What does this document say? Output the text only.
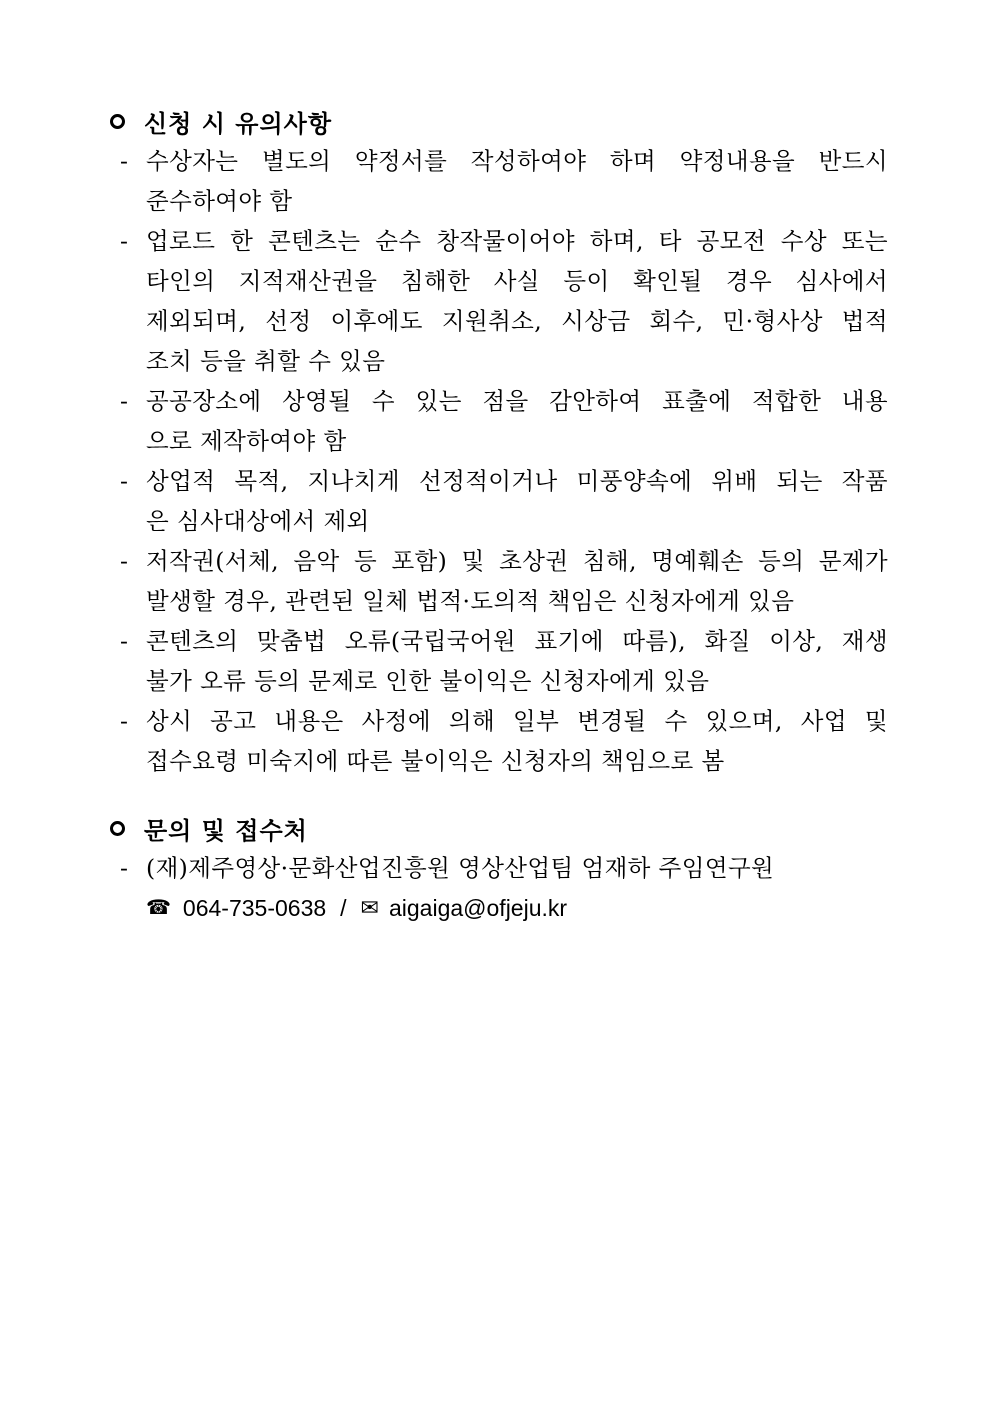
신청 시 유의사항
- 수상자는 별도의 약정서를 작성하여야 하며 약정내용을 반드시
준수하여야 함
- 업로드 한 콘텐츠는 순수 창작물이어야 하며, 타 공모전 수상 또는
타인의 지적재산권을 침해한 사실 등이 확인될 경우 심사에서
제외되며, 선정 이후에도 지원취소, 시상금 회수, 민·형사상 법적
조치 등을 취할 수 있음
- 공공장소에 상영될 수 있는 점을 감안하여 표출에 적합한 내용
으로 제작하여야 함
- 상업적 목적, 지나치게 선정적이거나 미풍양속에 위배 되는 작품
은 심사대상에서 제외
- 저작권(서체, 음악 등 포함) 및 초상권 침해, 명예훼손 등의 문제가
발생할 경우, 관련된 일체 법적·도의적 책임은 신청자에게 있음
- 콘텐츠의 맞춤법 오류(국립국어원 표기에 따름), 화질 이상, 재생
불가 오류 등의 문제로 인한 불이익은 신청자에게 있음
- 상시 공고 내용은 사정에 의해 일부 변경될 수 있으며, 사업 및
접수요령 미숙지에 따른 불이익은 신청자의 책임으로 봄
문의 및 접수처
- (재)제주영상·문화산업진흥원 영상산업팀 엄재하 주임연구원
☎ 064-735-0638 / ✉ aigaiga@ofjeju.kr
